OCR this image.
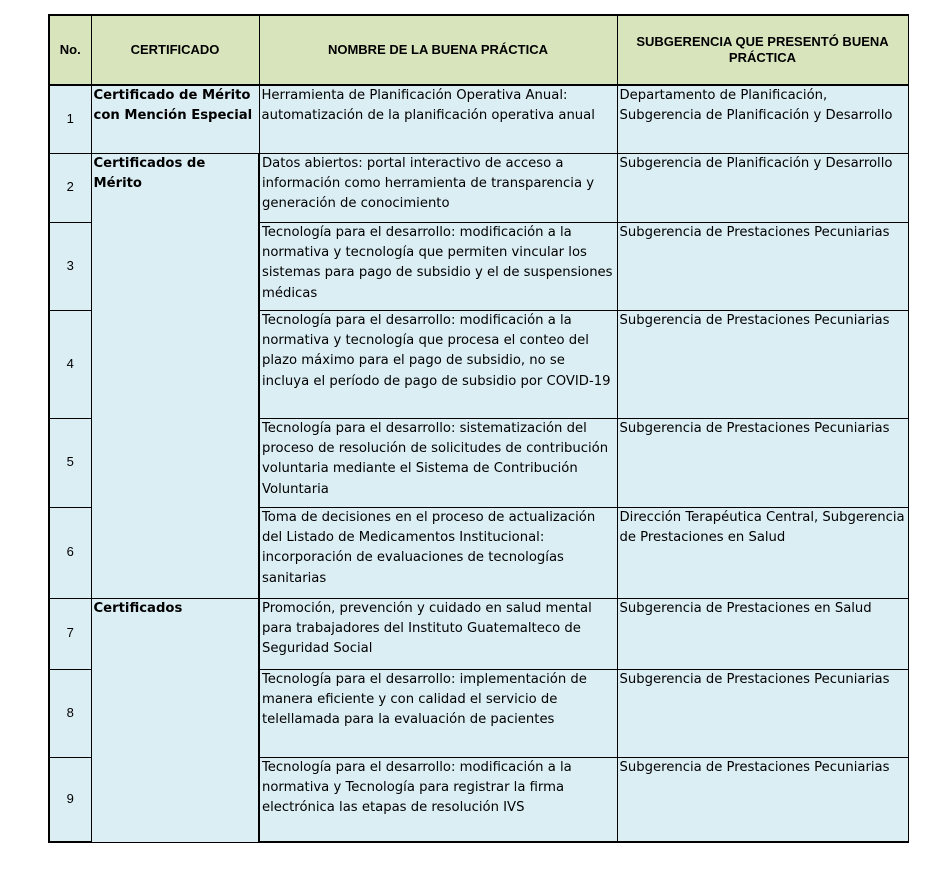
No.	CERTIFICADO	NOMBRE DE LA BUENA PRÁCTICA	SUBGERENCIA QUE PRESENTÓ BUENA PRÁCTICA
1	Certificado de Mérito con Mención Especial	Herramienta de Planificación Operativa Anual: automatización de la planificación operativa anual	Departamento de Planificación, Subgerencia de Planificación y Desarrollo
2	Certificados de Mérito	Datos abiertos: portal interactivo de acceso a información como herramienta de transparencia y generación de conocimiento	Subgerencia de Planificación y Desarrollo
3		Tecnología para el desarrollo: modificación a la normativa y tecnología que permiten vincular los sistemas para pago de subsidio y el de suspensiones médicas	Subgerencia de Prestaciones Pecuniarias
4		Tecnología para el desarrollo: modificación a la normativa y tecnología que procesa el conteo del plazo máximo para el pago de subsidio, no se incluya el período de pago de subsidio por COVID-19	Subgerencia de Prestaciones Pecuniarias
5		Tecnología para el desarrollo: sistematización del proceso de resolución de solicitudes de contribución voluntaria mediante el Sistema de Contribución Voluntaria	Subgerencia de Prestaciones Pecuniarias
6		Toma de decisiones en el proceso de actualización del Listado de Medicamentos Institucional: incorporación de evaluaciones de tecnologías sanitarias	Dirección Terapéutica Central, Subgerencia de Prestaciones en Salud
7	Certificados	Promoción, prevención y cuidado en salud mental para trabajadores del Instituto Guatemalteco de Seguridad Social	Subgerencia de Prestaciones en Salud
8		Tecnología para el desarrollo: implementación de manera eficiente y con calidad el servicio de telellamada para la evaluación de pacientes	Subgerencia de Prestaciones Pecuniarias
9		Tecnología para el desarrollo: modificación a la normativa y Tecnología para registrar la firma electrónica las etapas de resolución IVS	Subgerencia de Prestaciones Pecuniarias
